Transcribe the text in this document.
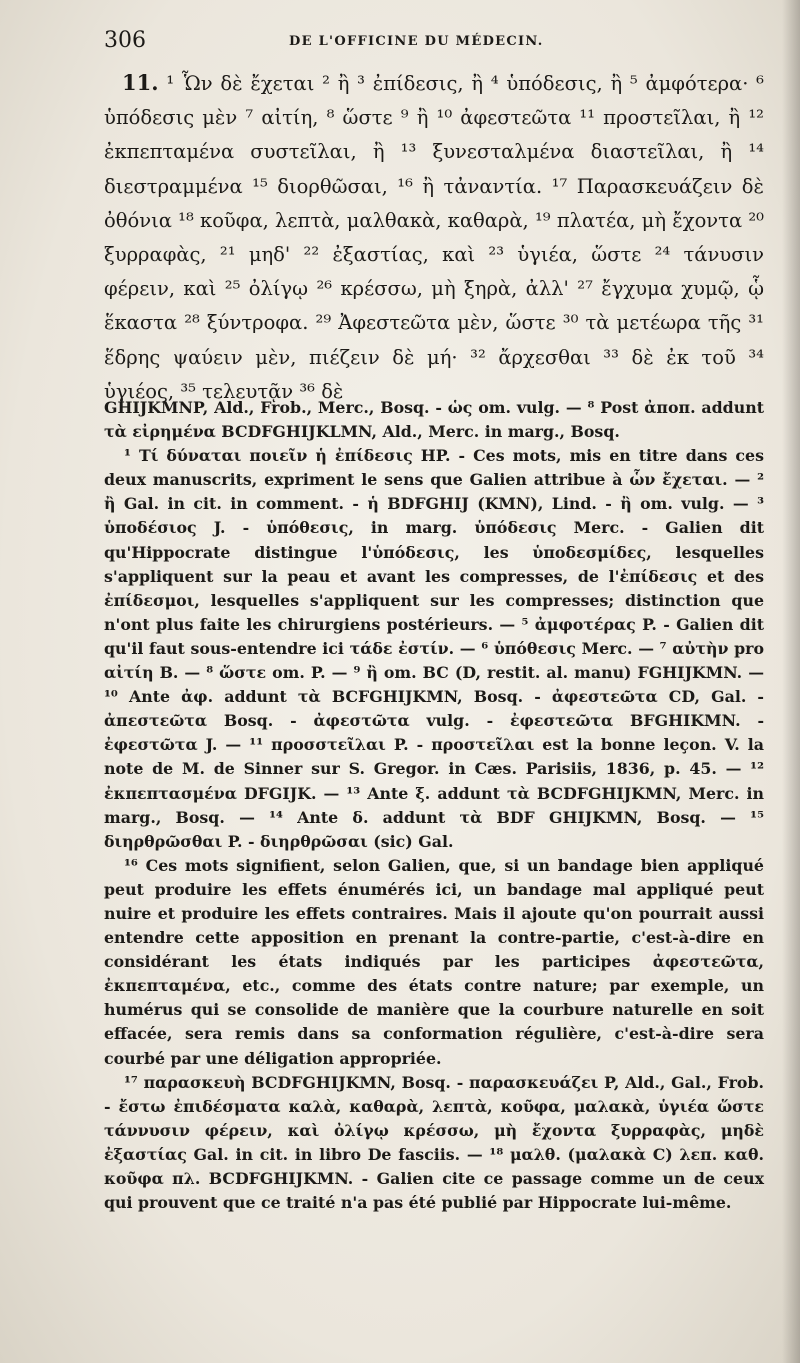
306	DE L'OFFICINE DU MÉDECIN.
11. ¹ Ὧν δὲ ἔχεται ² ἢ ³ ἐπίδεσις, ἢ ⁴ ὑπόδεσις, ἢ ⁵ ἀμφότερα· ⁶ ὑπόδεσις μὲν ⁷ αἰτίη, ⁸ ὥστε ⁹ ἢ ¹⁰ ἀφεστεῶτα ¹¹ προστεῖλαι, ἢ ¹² ἐκπεπταμένα συστεῖλαι, ἢ ¹³ ξυνεσταλμένα διαστεῖλαι, ἢ ¹⁴ διεστραμμένα ¹⁵ διορθῶσαι, ¹⁶ ἢ τἀναντία. ¹⁷ Παρασκευάζειν δὲ ὀθόνια ¹⁸ κοῦφα, λεπτὰ, μαλθακὰ, καθαρὰ, ¹⁹ πλατέα, μὴ ἔχοντα ²⁰ ξυρραφὰς, ²¹ μηδ' ²² ἐξαστίας, καὶ ²³ ὑγιέα, ὥστε ²⁴ τάνυσιν φέρειν, καὶ ²⁵ ὀλίγῳ ²⁶ κρέσσω, μὴ ξηρὰ, ἀλλ' ²⁷ ἔγχυμα χυμῷ, ᾧ ἕκαστα ²⁸ ξύντροφα. ²⁹ Ἀφεστεῶτα μὲν, ὥστε ³⁰ τὰ μετέωρα τῆς ³¹ ἕδρης ψαύειν μὲν, πιέζειν δὲ μή· ³² ἄρχεσθαι ³³ δὲ ἐκ τοῦ ³⁴ ὑγιέος, ³⁵ τελευτᾷν ³⁶ δὲ

GHIJKMNP, Ald., Frob., Merc., Bosq. - ὡς om. vulg. — ⁸ Post ἀποπ. addunt τὰ εἰρημένα BCDFGHIJKLMN, Ald., Merc. in marg., Bosq.

¹ Τί δύναται ποιεῖν ἡ ἐπίδεσις HP. - Ces mots, mis en titre dans ces deux manuscrits, expriment le sens que Galien attribue à ὧν ἔχεται. — ² ἢ Gal. in cit. in comment. - ἡ BDFGHIJ (KMN), Lind. - ἢ om. vulg. — ³ ὑποδέσιος J. - ὑπόθεσις, in marg. ὑπόδεσις Merc. - Galien dit qu'Hippocrate distingue l'ὑπόδεσις, les ὑποδεσμίδες, lesquelles s'appliquent sur la peau et avant les compresses, de l'ἐπίδεσις et des ἐπίδεσμοι, lesquelles s'appliquent sur les compresses; distinction que n'ont plus faite les chirurgiens postérieurs. — ⁵ ἀμφοτέρας P. - Galien dit qu'il faut sous-entendre ici τάδε ἐστίν. — ⁶ ὑπόθεσις Merc. — ⁷ αὐτὴν pro αἰτίη B. — ⁸ ὥστε om. P. — ⁹ ἢ om. BC (D, restit. al. manu) FGHIJKMN. — ¹⁰ Ante ἀφ. addunt τὰ BCFGHIJKMN, Bosq. - ἀφεστεῶτα CD, Gal. - ἀπεστεῶτα Bosq. - ἀφεστῶτα vulg. - ἐφεστεῶτα BFGHIKMN. - ἐφεστῶτα J. — ¹¹ προσστεῖλαι P. - προστεῖλαι est la bonne leçon. V. la note de M. de Sinner sur S. Gregor. in Cæs. Parisiis, 1836, p. 45. — ¹² ἐκπεπτασμένα DFGIJK. — ¹³ Ante ξ. addunt τὰ BCDFGHIJKMN, Merc. in marg., Bosq. — ¹⁴ Ante δ. addunt τὰ BDF GHIJKMN, Bosq. — ¹⁵ διηρθρῶσθαι P. - διηρθρῶσαι (sic) Gal.

¹⁶ Ces mots signifient, selon Galien, que, si un bandage bien appliqué peut produire les effets énumérés ici, un bandage mal appliqué peut nuire et produire les effets contraires. Mais il ajoute qu'on pourrait aussi entendre cette apposition en prenant la contre-partie, c'est-à-dire en considérant les états indiqués par les participes ἀφεστεῶτα, ἐκπεπταμένα, etc., comme des états contre nature; par exemple, un humérus qui se consolide de manière que la courbure naturelle en soit effacée, sera remis dans sa conformation régulière, c'est-à-dire sera courbé par une déligation appropriée.

¹⁷ παρασκευὴ BCDFGHIJKMN, Bosq. - παρασκευάζει P, Ald., Gal., Frob. - ἔστω ἐπιδέσματα καλὰ, καθαρὰ, λεπτὰ, κοῦφα, μαλακὰ, ὑγιέα ὥστε τάννυσιν φέρειν, καὶ ὀλίγῳ κρέσσω, μὴ ἔχοντα ξυρραφὰς, μηδὲ ἐξαστίας Gal. in cit. in libro De fasciis. — ¹⁸ μαλθ. (μαλακὰ C) λεπ. καθ. κοῦφα πλ. BCDFGHIJKMN. - Galien cite ce passage comme un de ceux qui prouvent que ce traité n'a pas été publié par Hippocrate lui-même.
